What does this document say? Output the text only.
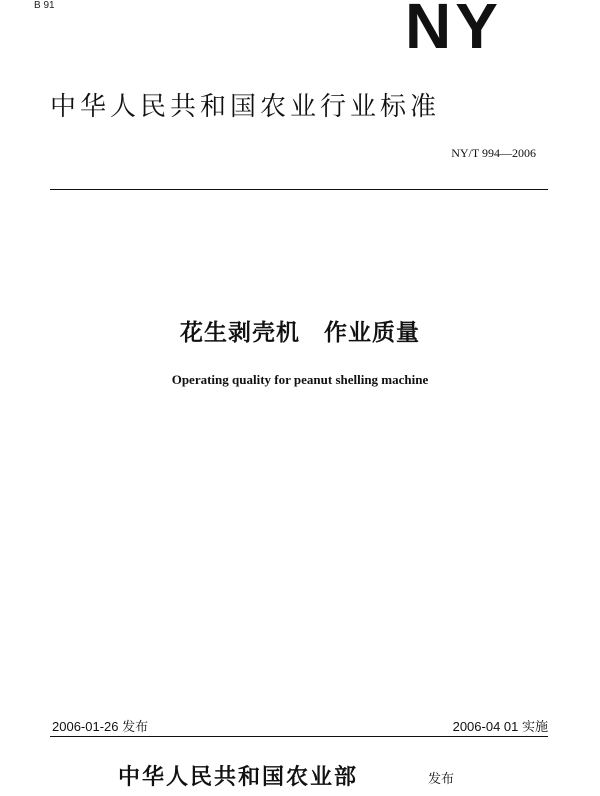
B 91	NY
中华人民共和国农业行业标准
NY/T 994—2006
花生剥壳机　作业质量
Operating quality for peanut shelling machine
2006-01-26 发布	2006-04 01 实施
中华人民共和国农业部	发布
